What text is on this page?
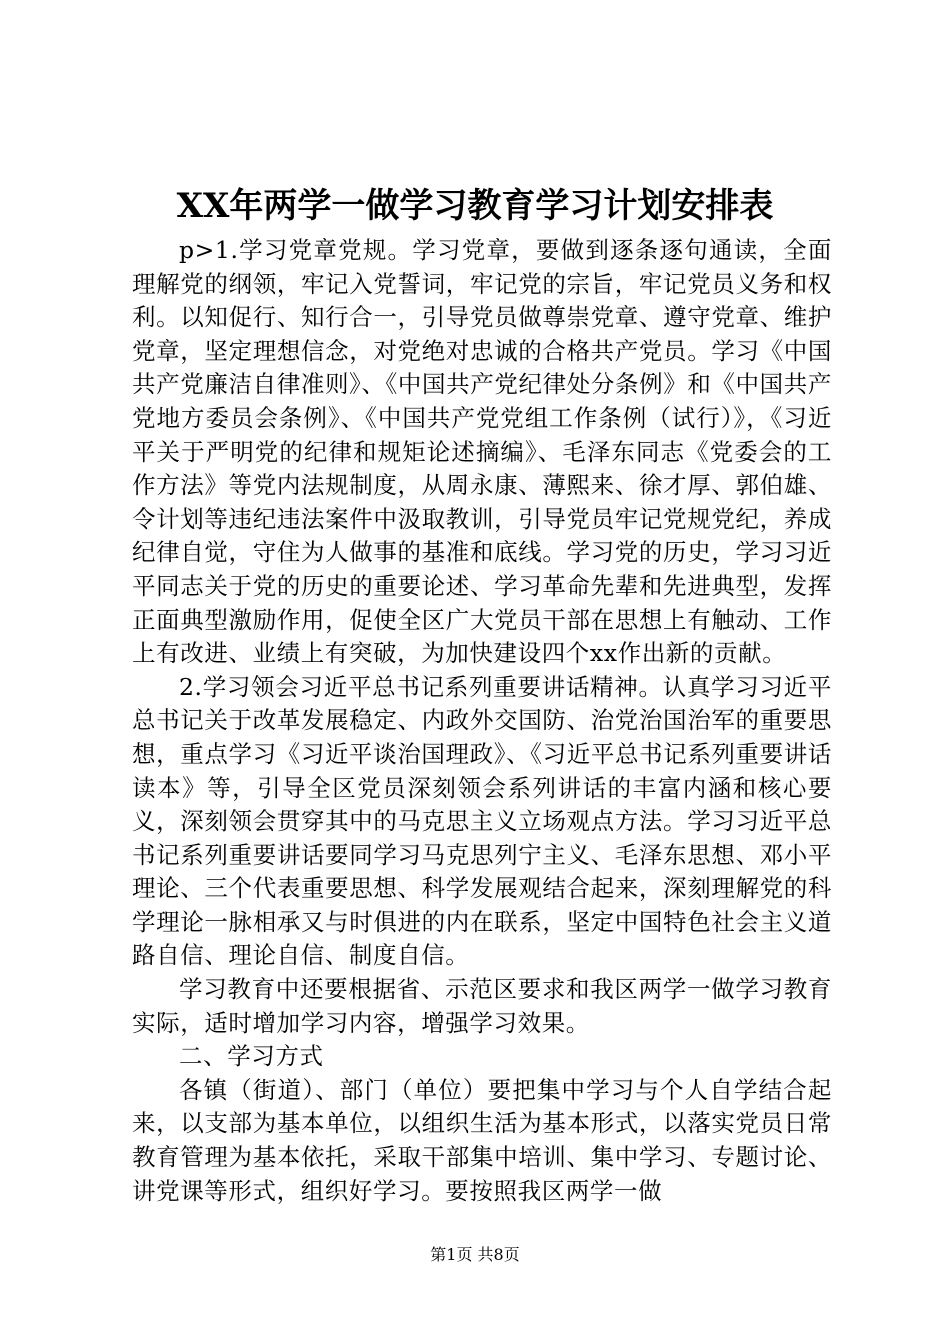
XX年两学一做学习教育学习计划安排表

p>1.学习党章党规。学习党章，要做到逐条逐句通读，全面理解党的纲领，牢记入党誓词，牢记党的宗旨，牢记党员义务和权利。以知促行、知行合一，引导党员做尊崇党章、遵守党章、维护党章，坚定理想信念，对党绝对忠诚的合格共产党员。学习《中国共产党廉洁自律准则》、《中国共产党纪律处分条例》和《中国共产党地方委员会条例》、《中国共产党党组工作条例（试行）》，《习近平关于严明党的纪律和规矩论述摘编》、毛泽东同志《党委会的工作方法》等党内法规制度，从周永康、薄熙来、徐才厚、郭伯雄、令计划等违纪违法案件中汲取教训，引导党员牢记党规党纪，养成纪律自觉，守住为人做事的基准和底线。学习党的历史，学习习近平同志关于党的历史的重要论述、学习革命先辈和先进典型，发挥正面典型激励作用，促使全区广大党员干部在思想上有触动、工作上有改进、业绩上有突破，为加快建设四个xx作出新的贡献。

2.学习领会习近平总书记系列重要讲话精神。认真学习习近平总书记关于改革发展稳定、内政外交国防、治党治国治军的重要思想，重点学习《习近平谈治国理政》、《习近平总书记系列重要讲话读本》等，引导全区党员深刻领会系列讲话的丰富内涵和核心要义，深刻领会贯穿其中的马克思主义立场观点方法。学习习近平总书记系列重要讲话要同学习马克思列宁主义、毛泽东思想、邓小平理论、三个代表重要思想、科学发展观结合起来，深刻理解党的科学理论一脉相承又与时俱进的内在联系，坚定中国特色社会主义道路自信、理论自信、制度自信。

学习教育中还要根据省、示范区要求和我区两学一做学习教育实际，适时增加学习内容，增强学习效果。

二、学习方式

各镇（街道）、部门（单位）要把集中学习与个人自学结合起来，以支部为基本单位，以组织生活为基本形式，以落实党员日常教育管理为基本依托，采取干部集中培训、集中学习、专题讨论、讲党课等形式，组织好学习。要按照我区两学一做

第1页 共8页
